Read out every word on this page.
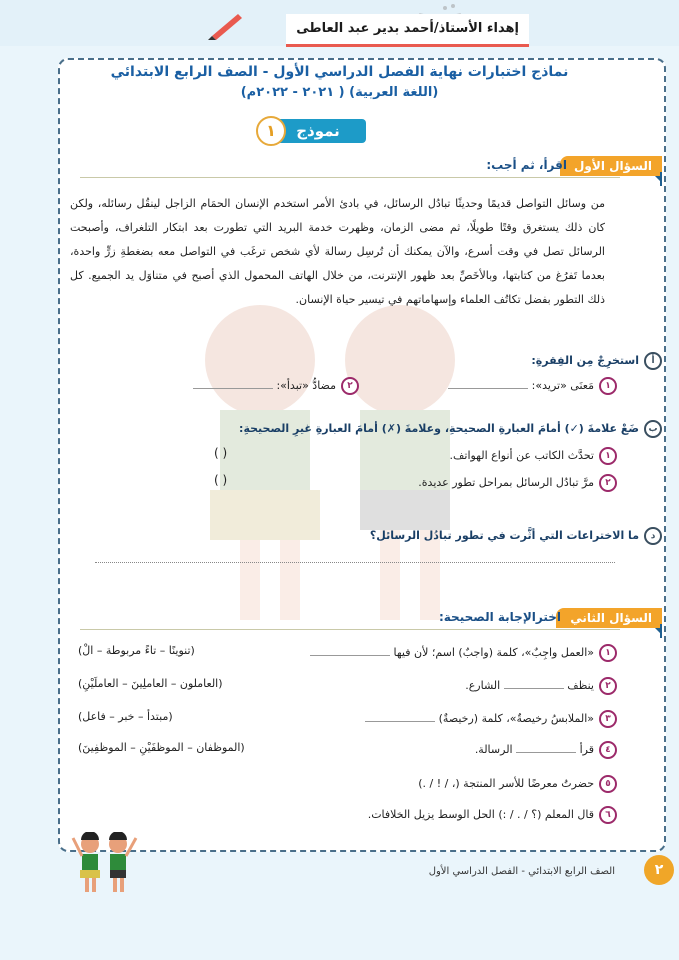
إهداء الأستاذ/أحمد بدير عبد العاطى
نماذج اختبارات نهاية الفصل الدراسي الأول - الصف الرابع الابتدائي
(اللغة العربية) ( ٢٠٢١ - ٢٠٢٢م)
نموذج
١
السؤال الأول
اقرأ، ثم أجب:
من وسائل التواصل قديمًا وحديثًا تبادُل الرسائل، في بادئ الأمر استخدم الإنسان الحمَام الزاجل لينقُل رسائله، ولكن كان ذلك يستغرق وقتًا طويلًا، ثم مضى الزمان، وظهرت خدمة البريد التي تطورت بعد ابتكار التلغراف، وأصبحت الرسائل تصل في وقت أسرع، والآن يمكنك أن تُرسِل رسالة لأي شخص ترغَب في التواصل معه بضغطةِ زرٍّ واحدة، بعدما تَفرُغ من كتابتها، وبالأخَصِّ بعد ظهور الإنترنت، من خلال الهاتف المحمول الذي أصبح في متناوَل يد الجميع. كل ذلك التطور بفضل تكاتُف العلماء وإسهاماتهم في تيسير حياة الإنسان.
أاستخرِجْ مِن الفِقرةِ:
١مَعنَى «تريد»:
٢مضادُّ «تبدأ»:
بضَعْ علامةَ (✓) أمامَ العبارةِ الصحيحةِ، وعلامةَ (✗) أمامَ العبارةِ غيرِ الصحيحةِ:
١تحدَّث الكاتب عن أنواع الهواتف.
( )
٢مرَّ تبادُل الرسائل بمراحل تطور عديدة.
( )
دما الاختراعات التي أثَّرت في تطور تبادُل الرسائل؟
السؤال الثاني
اخترالإجابة الصحيحة:
١«العمل واجِبٌ»، كلمة (واجبٌ) اسم؛ لأن فيها
(تنوينًا – تاءً مربوطة – الْ)
٢ينظف  الشارع.
(العاملون – العاملِينَ – العاملَيْنِ)
٣«الملابسُ رخيصةٌ»، كلمة (رخيصةٌ)
(مبتدأ – خبر – فاعل)
٤قرأ  الرسالة.
(الموظفان – الموظفَيْنِ – الموظفِينَ)
٥حضرتُ معرضًا للأسر المنتجة (، / ! / .)
٦قال المعلم (؟ / . / :) الحل الوسط يزيل الخلافات.
٢
الصف الرابع الابتدائي - الفصل الدراسي الأول
